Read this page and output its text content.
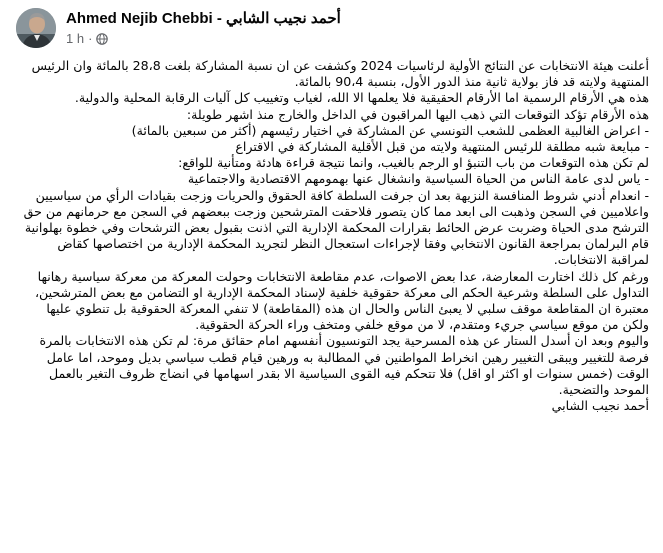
Ahmed Nejib Chebbi - أحمد نجيب الشابي
1 h ·

أعلنت هيئة الانتخابات عن النتائج الأولية لرئاسيات 2024 وكشفت عن ان نسبة المشاركة بلغت 28،8 بالمائة وان الرئيس المنتهية ولايته قد فاز بولاية ثانية منذ الدور الأول، بنسبة 90،4 بالمائة.

هذه هي الأرقام الرسمية اما الأرقام الحقيقية فلا يعلمها الا الله، لغياب وتغييب كل آليات الرقابة المحلية والدولية.

هذه الأرقام تؤكد التوقعات التي ذهب اليها المراقبون في الداخل والخارج منذ اشهر طويلة:

- اعراض الغالبية العظمى للشعب التونسي عن المشاركة في اختيار رئيسهم (أكثر من سبعين بالمائة)

- مبايعة شبه مطلقة للرئيس المنتهية ولايته من قبل الأقلية المشاركة في الاقتراع

لم تكن هذه التوقعات من باب التنبؤ او الرجم بالغيب، وانما نتيجة قراءة هادئة ومتأنية للواقع:

- ياس لدى عامة الناس من الحياة السياسية وانشغال عنها بهمومهم الاقتصادية والاجتماعية

- انعدام أدني شروط المنافسة النزيهة بعد ان جرفت السلطة كافة الحقوق والحريات وزجت بقيادات الرأي من سياسيين واعلاميين في السجن وذهبت الى ابعد مما كان يتصور فلاحقت المترشحين وزجت ببعضهم في السجن مع حرمانهم من حق الترشح مدى الحياة وضربت عرض الحائط بقرارات المحكمة الإدارية التي اذنت بقبول بعض الترشحات وفي خطوة بهلوانية قام البرلمان بمراجعة القانون الانتخابي وفقا لإجراءات استعجال النظر لتجريد المحكمة الإدارية من اختصاصها كقاض لمراقبة الانتخابات.

ورغم كل ذلك اختارت المعارضة، عدا بعض الاصوات، عدم مقاطعة الانتخابات وحولت المعركة من معركة سياسية رهانها التداول على السلطة وشرعية الحكم الى معركة حقوقية خلفية لإسناد المحكمة الإدارية او التضامن مع بعض المترشحين، معتبرة ان المقاطعة موقف سلبي لا يعبئ الناس والحال ان هذه (المقاطعة) لا تنفي المعركة الحقوقية بل تنطوي عليها ولكن من موقع سياسي جريء ومتقدم، لا من موقع خلفي ومتخف وراء الحركة الحقوقية.

واليوم وبعد ان أسدل الستار عن هذه المسرحية يجد التونسيون أنفسهم امام حقائق مرة: لم تكن هذه الانتخابات بالمرة فرصة للتغيير ويبقى التغيير رهين انخراط المواطنين في المطالبة به ورهين قيام قطب سياسي بديل وموحد، اما عامل الوقت (خمس سنوات او اكثر او اقل) فلا تتحكم فيه القوى السياسية الا بقدر اسهامها في انضاج ظروف التغير بالعمل الموحد والتضحية.

أحمد نجيب الشابي
